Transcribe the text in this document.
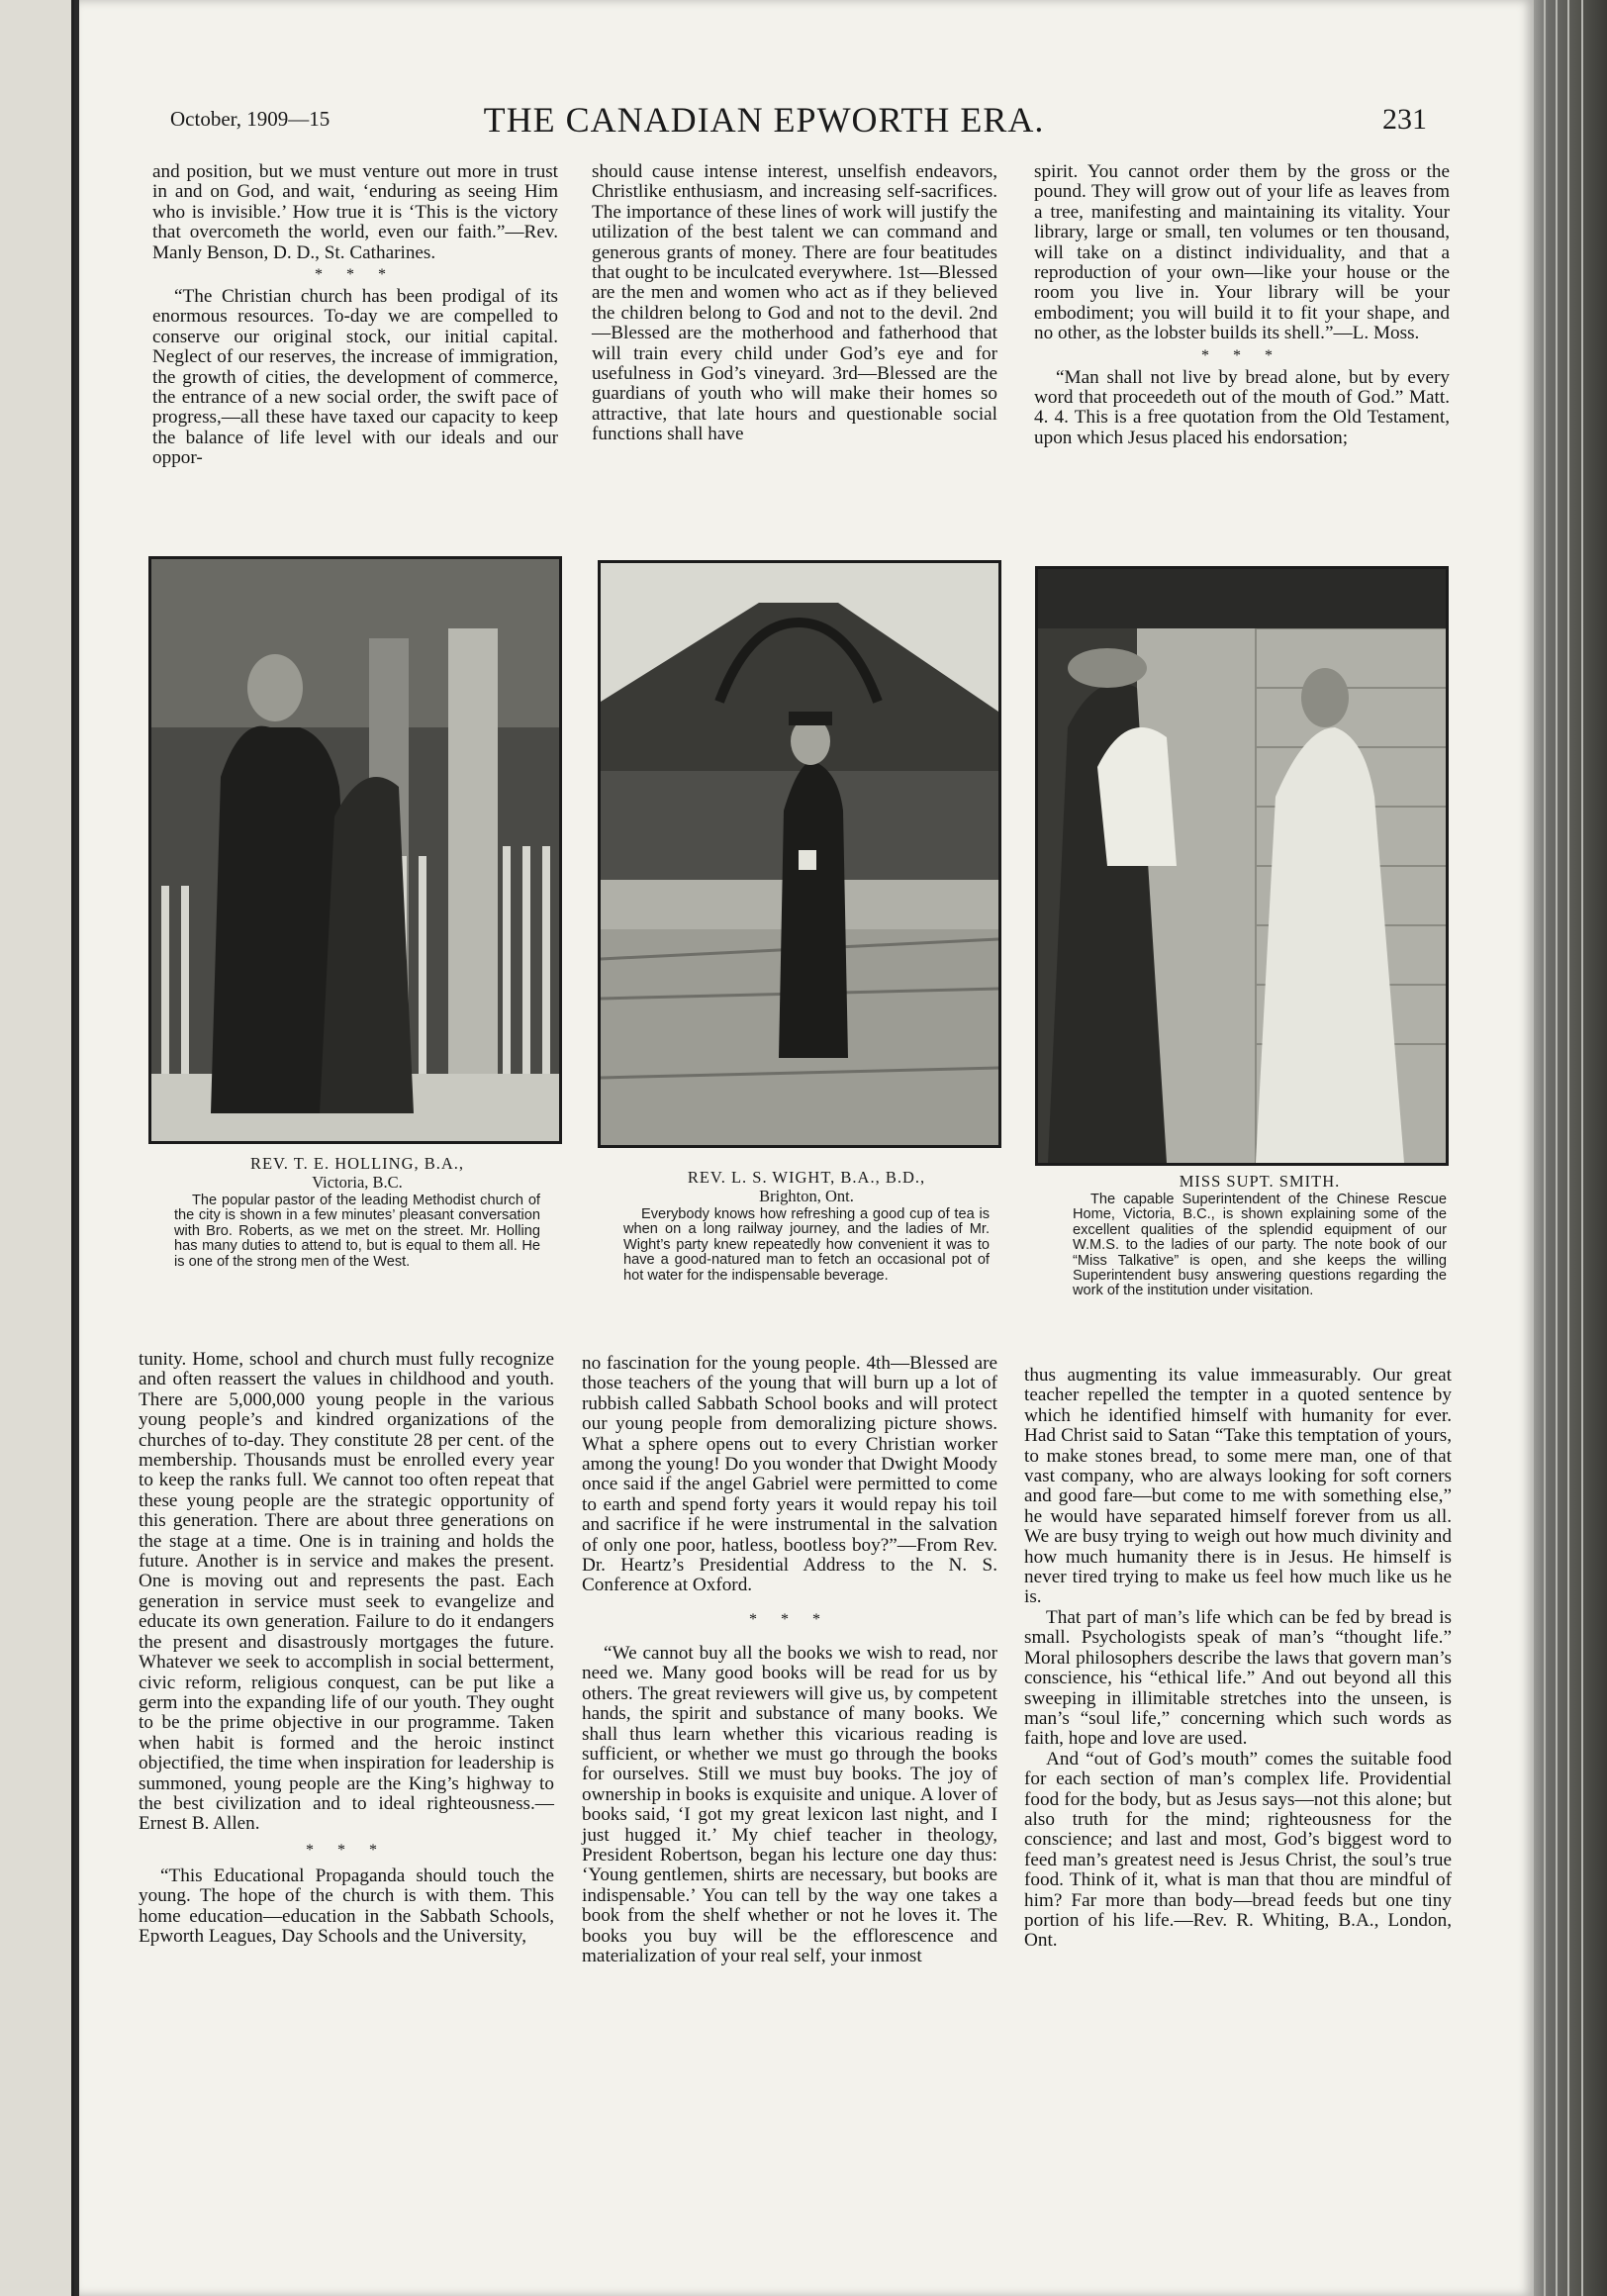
October, 1909—15	THE CANADIAN EPWORTH ERA.	231

and position, but we must venture out more in trust in and on God, and wait, ‘enduring as seeing Him who is invisible.’ How true it is ‘This is the victory that overcometh the world, even our faith.”—Rev. Manly Benson, D. D., St. Catharines.

* * *

“The Christian church has been prodigal of its enormous resources. To-day we are compelled to conserve our original stock, our initial capital. Neglect of our reserves, the increase of immigration, the growth of cities, the development of commerce, the entrance of a new social order, the swift pace of progress,—all these have taxed our capacity to keep the balance of life level with our ideals and our oppor-

should cause intense interest, unselfish endeavors, Christlike enthusiasm, and increasing self-sacrifices. The importance of these lines of work will justify the utilization of the best talent we can command and generous grants of money. There are four beatitudes that ought to be inculcated everywhere. 1st—Blessed are the men and women who act as if they believed the children belong to God and not to the devil. 2nd—Blessed are the motherhood and fatherhood that will train every child under God’s eye and for usefulness in God’s vineyard. 3rd—Blessed are the guardians of youth who will make their homes so attractive, that late hours and questionable social functions shall have

spirit. You cannot order them by the gross or the pound. They will grow out of your life as leaves from a tree, manifesting and maintaining its vitality. Your library, large or small, ten volumes or ten thousand, will take on a distinct individuality, and that a reproduction of your own—like your house or the room you live in. Your library will be your embodiment; you will build it to fit your shape, and no other, as the lobster builds its shell.”—L. Moss.

* * *

“Man shall not live by bread alone, but by every word that proceedeth out of the mouth of God.” Matt. 4. 4. This is a free quotation from the Old Testament, upon which Jesus placed his endorsation;

REV. T. E. HOLLING, B.A.,
Victoria, B.C.
The popular pastor of the leading Methodist church of the city is shown in a few minutes’ pleasant conversation with Bro. Roberts, as we met on the street. Mr. Holling has many duties to attend to, but is equal to them all. He is one of the strong men of the West.
REV. L. S. WIGHT, B.A., B.D.,
Brighton, Ont.
Everybody knows how refreshing a good cup of tea is when on a long railway journey, and the ladies of Mr. Wight’s party knew repeatedly how convenient it was to have a good-natured man to fetch an occasional pot of hot water for the indispensable beverage.
MISS SUPT. SMITH.
The capable Superintendent of the Chinese Rescue Home, Victoria, B.C., is shown explaining some of the excellent qualities of the splendid equipment of our W.M.S. to the ladies of our party. The note book of our “Miss Talkative” is open, and she keeps the willing Superintendent busy answering questions regarding the work of the institution under visitation.

tunity. Home, school and church must fully recognize and often reassert the values in childhood and youth. There are 5,000,000 young people in the various young people’s and kindred organizations of the churches of to-day. They constitute 28 per cent. of the membership. Thousands must be enrolled every year to keep the ranks full. We cannot too often repeat that these young people are the strategic opportunity of this generation. There are about three generations on the stage at a time. One is in training and holds the future. Another is in service and makes the present. One is moving out and represents the past. Each generation in service must seek to evangelize and educate its own generation. Failure to do it endangers the present and disastrously mortgages the future. Whatever we seek to accomplish in social betterment, civic reform, religious conquest, can be put like a germ into the expanding life of our youth. They ought to be the prime objective in our programme. Taken when habit is formed and the heroic instinct objectified, the time when inspiration for leadership is summoned, young people are the King’s highway to the best civilization and to ideal righteousness.—Ernest B. Allen.

* * *

“This Educational Propaganda should touch the young. The hope of the church is with them. This home education—education in the Sabbath Schools, Epworth Leagues, Day Schools and the University,

no fascination for the young people. 4th—Blessed are those teachers of the young that will burn up a lot of rubbish called Sabbath School books and will protect our young people from demoralizing picture shows. What a sphere opens out to every Christian worker among the young! Do you wonder that Dwight Moody once said if the angel Gabriel were permitted to come to earth and spend forty years it would repay his toil and sacrifice if he were instrumental in the salvation of only one poor, hatless, bootless boy?”—From Rev. Dr. Heartz’s Presidential Address to the N. S. Conference at Oxford.

* * *

“We cannot buy all the books we wish to read, nor need we. Many good books will be read for us by others. The great reviewers will give us, by competent hands, the spirit and substance of many books. We shall thus learn whether this vicarious reading is sufficient, or whether we must go through the books for ourselves. Still we must buy books. The joy of ownership in books is exquisite and unique. A lover of books said, ‘I got my great lexicon last night, and I just hugged it.’ My chief teacher in theology, President Robertson, began his lecture one day thus: ‘Young gentlemen, shirts are necessary, but books are indispensable.’ You can tell by the way one takes a book from the shelf whether or not he loves it. The books you buy will be the efflorescence and materialization of your real self, your inmost

thus augmenting its value immeasurably. Our great teacher repelled the tempter in a quoted sentence by which he identified himself with humanity for ever. Had Christ said to Satan “Take this temptation of yours, to make stones bread, to some mere man, one of that vast company, who are always looking for soft corners and good fare—but come to me with something else,” he would have separated himself forever from us all. We are busy trying to weigh out how much divinity and how much humanity there is in Jesus. He himself is never tired trying to make us feel how much like us he is.

That part of man’s life which can be fed by bread is small. Psychologists speak of man’s “thought life.” Moral philosophers describe the laws that govern man’s conscience, his “ethical life.” And out beyond all this sweeping in illimitable stretches into the unseen, is man’s “soul life,” concerning which such words as faith, hope and love are used.

And “out of God’s mouth” comes the suitable food for each section of man’s complex life. Providential food for the body, but as Jesus says—not this alone; but also truth for the mind; righteousness for the conscience; and last and most, God’s biggest word to feed man’s greatest need is Jesus Christ, the soul’s true food. Think of it, what is man that thou are mindful of him? Far more than body—bread feeds but one tiny portion of his life.—Rev. R. Whiting, B.A., London, Ont.
